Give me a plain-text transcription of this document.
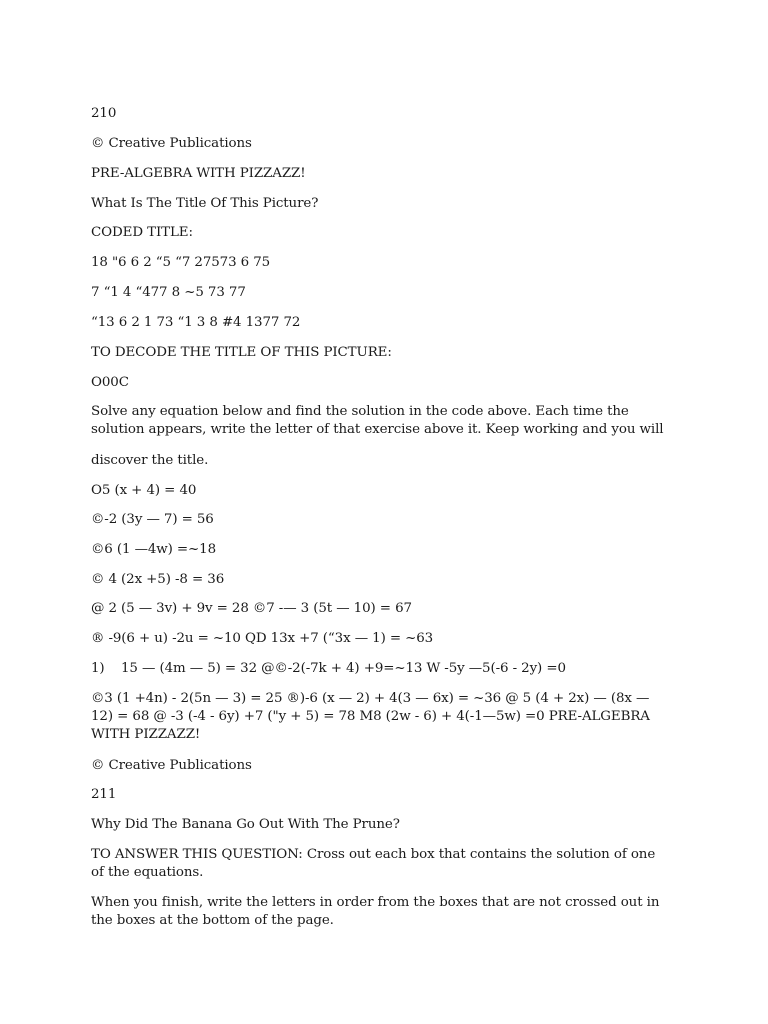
210
© Creative Publications
PRE-ALGEBRA WITH PIZZAZZ!
What Is The Title Of This Picture?
CODED TITLE:
18 "6 6 2 “5 “7 27573 6 75
7 “1 4 “477 8 ~5 73 77
“13 6 2 1 73 “1 3 8 #4 1377 72
TO DECODE THE TITLE OF THIS PICTURE:
O00C
Solve any equation below and find the solution in the code above. Each time the solution appears, write the letter of that exercise above it. Keep working and you will
discover the title.
O5 (x + 4) = 40
©-2 (3y — 7) = 56
©6 (1 —4w) =~18
© 4 (2x +5) -8 = 36
@ 2 (5 — 3v) + 9v = 28 ©7 -— 3 (5t — 10) = 67
® -9(6 + u) -2u = ~10 QD 13x +7 (“3x — 1) = ~63
1) 15 — (4m — 5) = 32 @©-2(-7k + 4) +9=~13 W -5y —5(-6 - 2y) =0
©3 (1 +4n) - 2(5n — 3) = 25 ®)-6 (x — 2) + 4(3 — 6x) = ~36 @ 5 (4 + 2x) — (8x — 12) = 68 @ -3 (-4 - 6y) +7 ("y + 5) = 78 M8 (2w - 6) + 4(-1—5w) =0 PRE-ALGEBRA WITH PIZZAZZ!
© Creative Publications
211
Why Did The Banana Go Out With The Prune?
TO ANSWER THIS QUESTION: Cross out each box that contains the solution of one of the equations.
When you finish, write the letters in order from the boxes that are not crossed out in the boxes at the bottom of the page.
